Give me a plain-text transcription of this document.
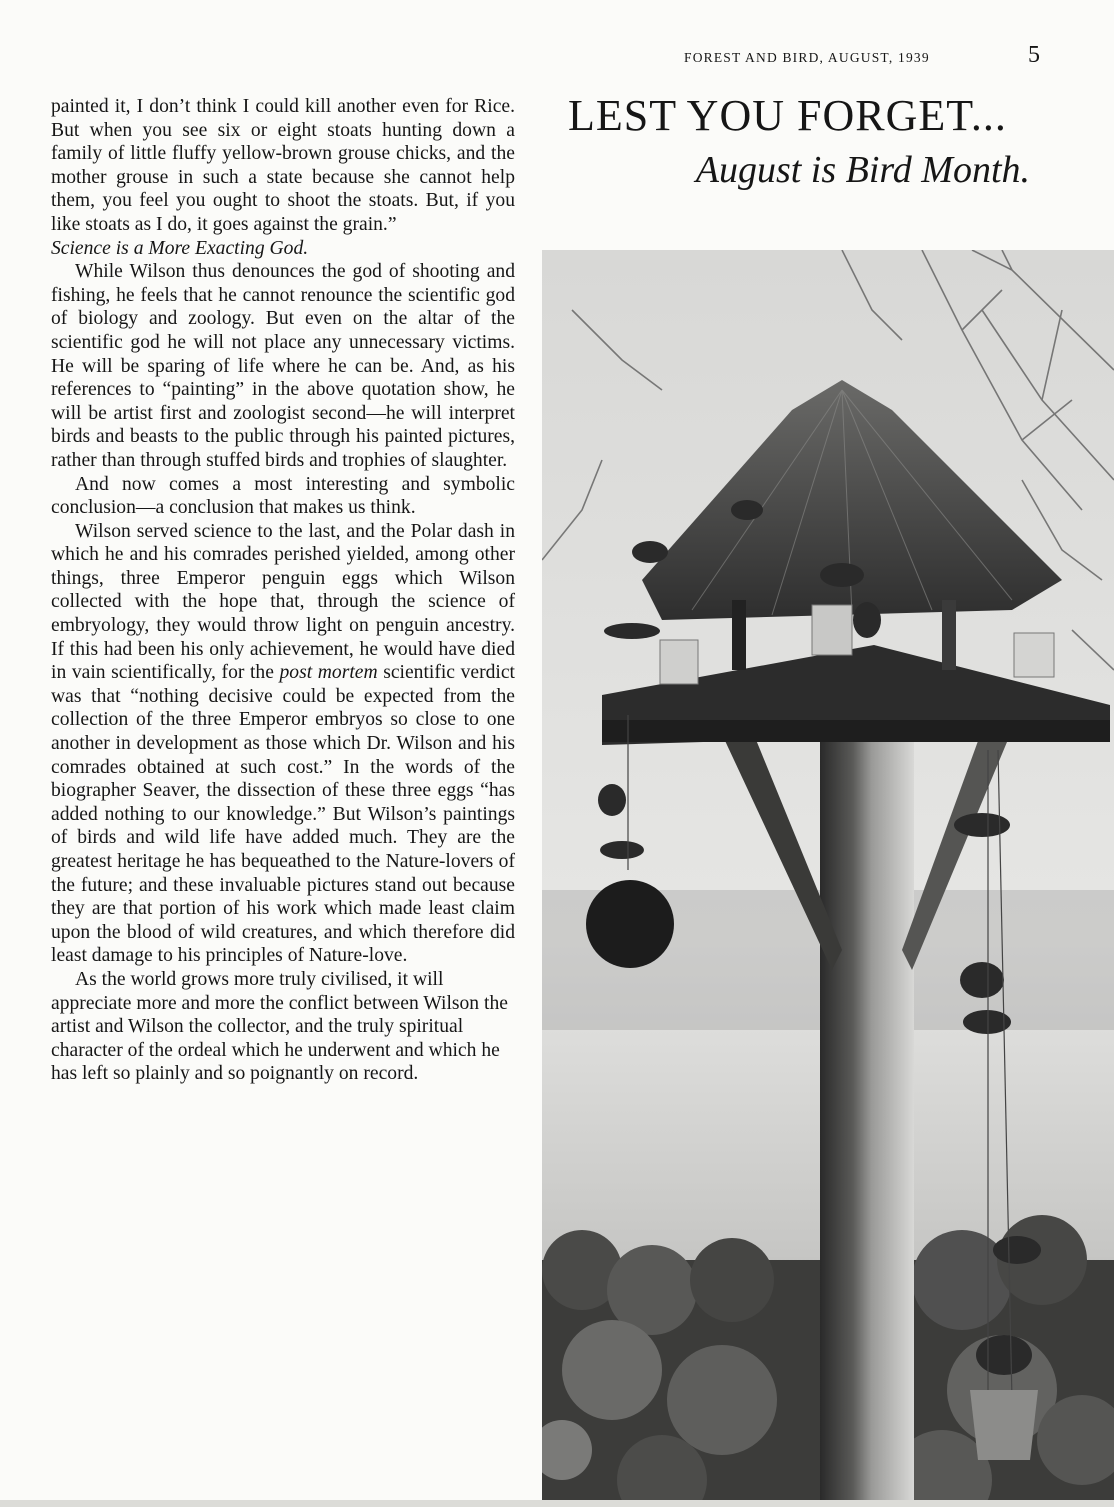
FOREST AND BIRD, AUGUST, 1939	5

painted it, I don’t think I could kill another even for Rice. But when you see six or eight stoats hunting down a family of little fluffy yellow-brown grouse chicks, and the mother grouse in such a state because she cannot help them, you feel you ought to shoot the stoats. But, if you like stoats as I do, it goes against the grain.”

Science is a More Exacting God.

While Wilson thus denounces the god of shooting and fishing, he feels that he cannot renounce the scientific god of biology and zoology. But even on the altar of the scientific god he will not place any unnecessary victims. He will be sparing of life where he can be. And, as his references to “painting” in the above quotation show, he will be artist first and zoologist second—he will interpret birds and beasts to the public through his painted pictures, rather than through stuffed birds and trophies of slaughter.

And now comes a most interesting and symbolic conclusion—a conclusion that makes us think.

Wilson served science to the last, and the Polar dash in which he and his comrades perished yielded, among other things, three Emperor penguin eggs which Wilson collected with the hope that, through the science of embryology, they would throw light on penguin ancestry. If this had been his only achievement, he would have died in vain scientifically, for the post mortem scientific verdict was that “nothing decisive could be expected from the collection of the three Emperor embryos so close to one another in development as those which Dr. Wilson and his comrades obtained at such cost.” In the words of the biographer Seaver, the dissection of these three eggs “has added nothing to our knowledge.” But Wilson’s paintings of birds and wild life have added much. They are the greatest heritage he has bequeathed to the Nature-lovers of the future; and these invaluable pictures stand out because they are that portion of his work which made least claim upon the blood of wild creatures, and which therefore did least damage to his principles of Nature-love.

As the world grows more truly civilised, it will appreciate more and more the conflict between Wilson the artist and Wilson the collector, and the truly spiritual character of the ordeal which he underwent and which he has left so plainly and so poignantly on record.

LEST YOU FORGET...
August is Bird Month.
